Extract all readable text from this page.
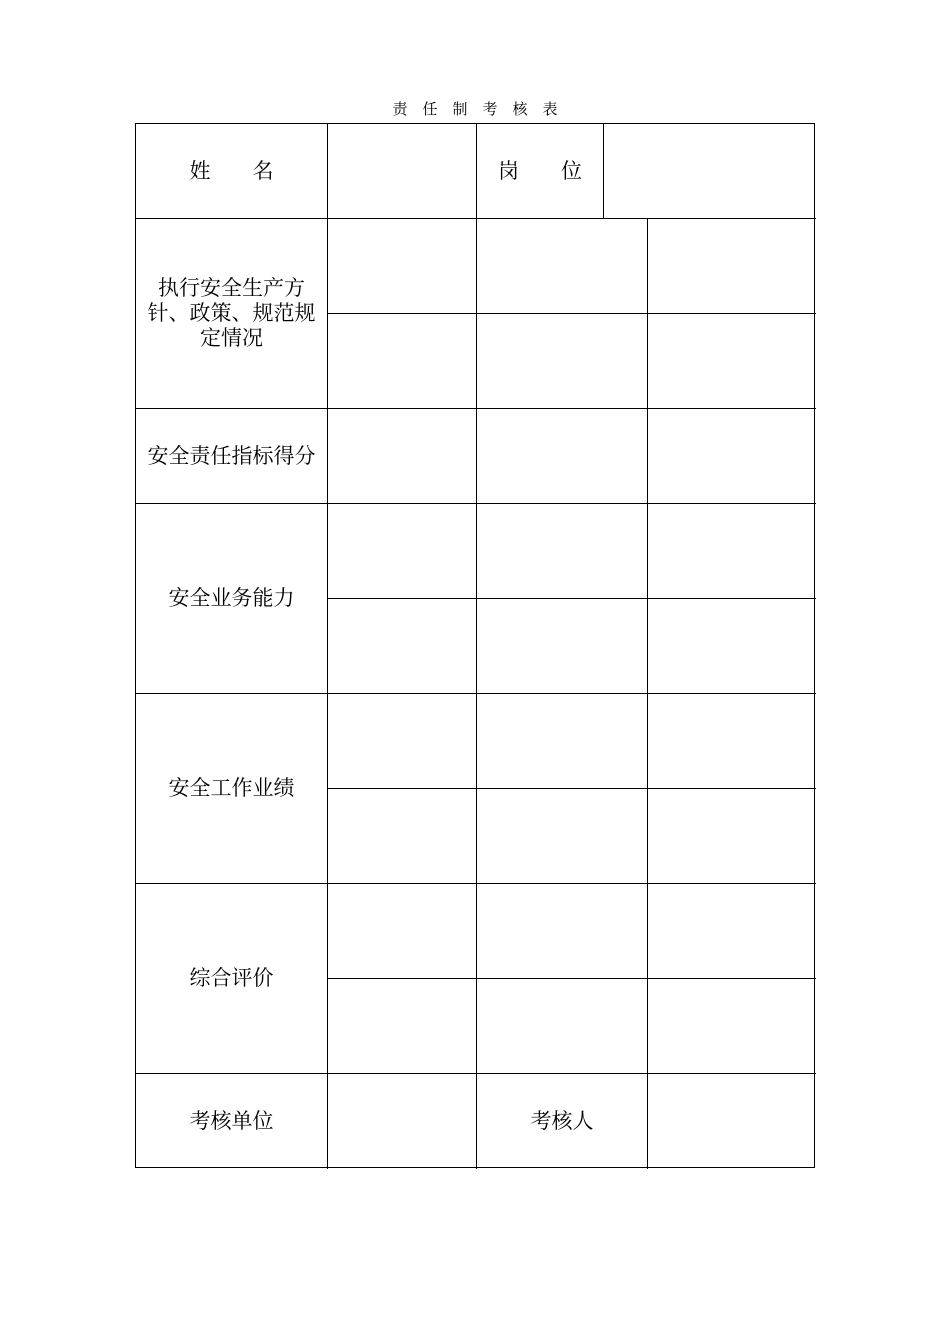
责任制考核表
姓　　名	岗　　位
执行安全生产方针、政策、规范规定情况
安全责任指标得分
安全业务能力
安全工作业绩
综合评价
考核单位	考核人
